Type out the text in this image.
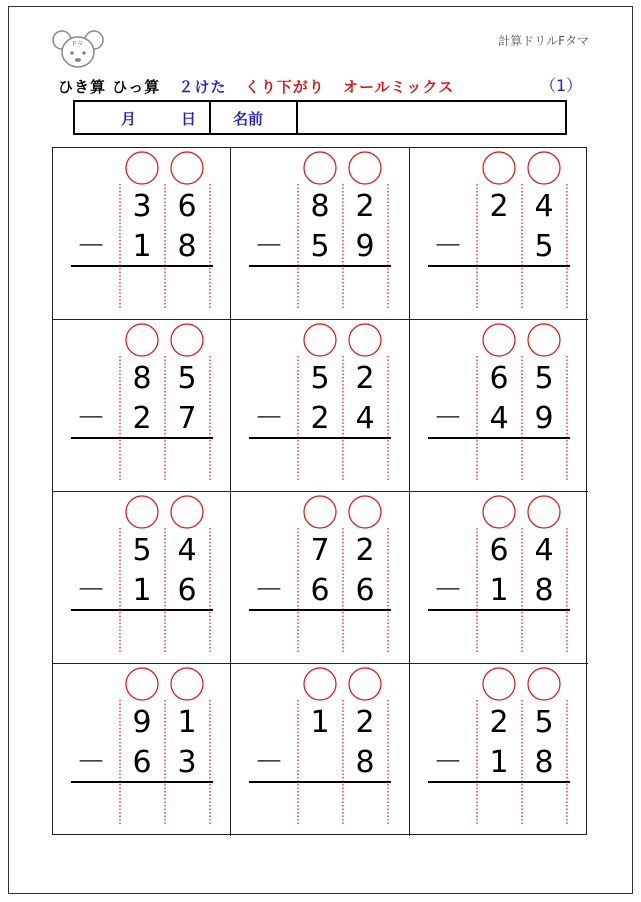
Fタ	計算ドリルFタマ
ひき算 ひっ算 ２けた くり下がり オールミックス	（1）
月	日 名前
3 6
1 8
－
8 2
5 9
－
2 4
5
－
8 5
2 7
－
5 2
2 4
－
6 5
4 9
－
5 4
1 6
－
7 2
6 6
－
6 4
1 8
－
9 1
6 3
－
1 2
8
－
2 5
1 8
－
